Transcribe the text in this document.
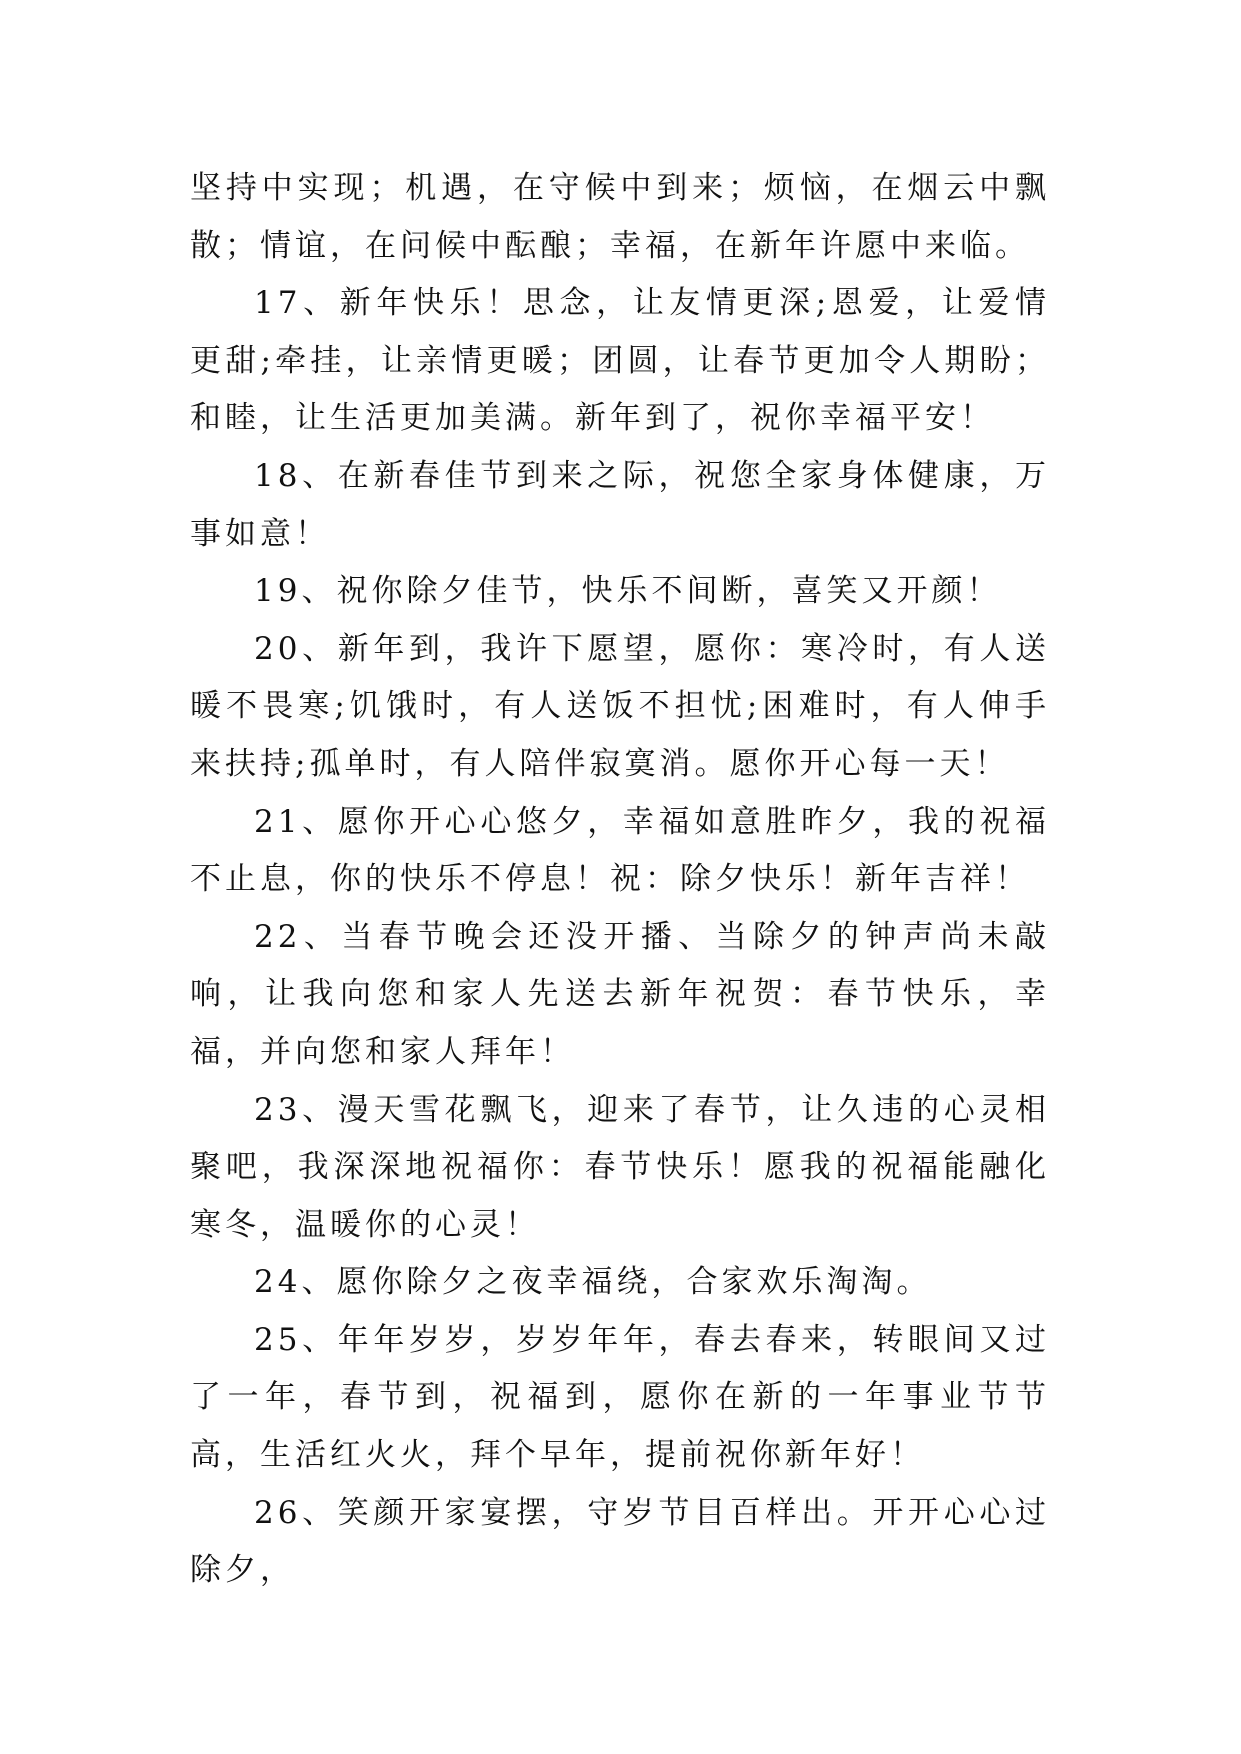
坚持中实现；机遇，在守候中到来；烦恼，在烟云中飘散；情谊，在问候中酝酿；幸福，在新年许愿中来临。

17、新年快乐！思念，让友情更深;恩爱，让爱情更甜;牵挂，让亲情更暖；团圆，让春节更加令人期盼；和睦，让生活更加美满。新年到了，祝你幸福平安！

18、在新春佳节到来之际，祝您全家身体健康，万事如意！

19、祝你除夕佳节，快乐不间断，喜笑又开颜！

20、新年到，我许下愿望，愿你：寒冷时，有人送暖不畏寒;饥饿时，有人送饭不担忧;困难时，有人伸手来扶持;孤单时，有人陪伴寂寞消。愿你开心每一天！

21、愿你开心心悠夕，幸福如意胜昨夕，我的祝福不止息，你的快乐不停息！祝：除夕快乐！新年吉祥！

22、当春节晚会还没开播、当除夕的钟声尚未敲响，让我向您和家人先送去新年祝贺：春节快乐，幸福，并向您和家人拜年！

23、漫天雪花飘飞，迎来了春节，让久违的心灵相聚吧，我深深地祝福你：春节快乐！愿我的祝福能融化寒冬，温暖你的心灵！

24、愿你除夕之夜幸福绕，合家欢乐淘淘。

25、年年岁岁，岁岁年年，春去春来，转眼间又过了一年，春节到，祝福到，愿你在新的一年事业节节高，生活红火火，拜个早年，提前祝你新年好！

26、笑颜开家宴摆，守岁节目百样出。开开心心过除夕，
